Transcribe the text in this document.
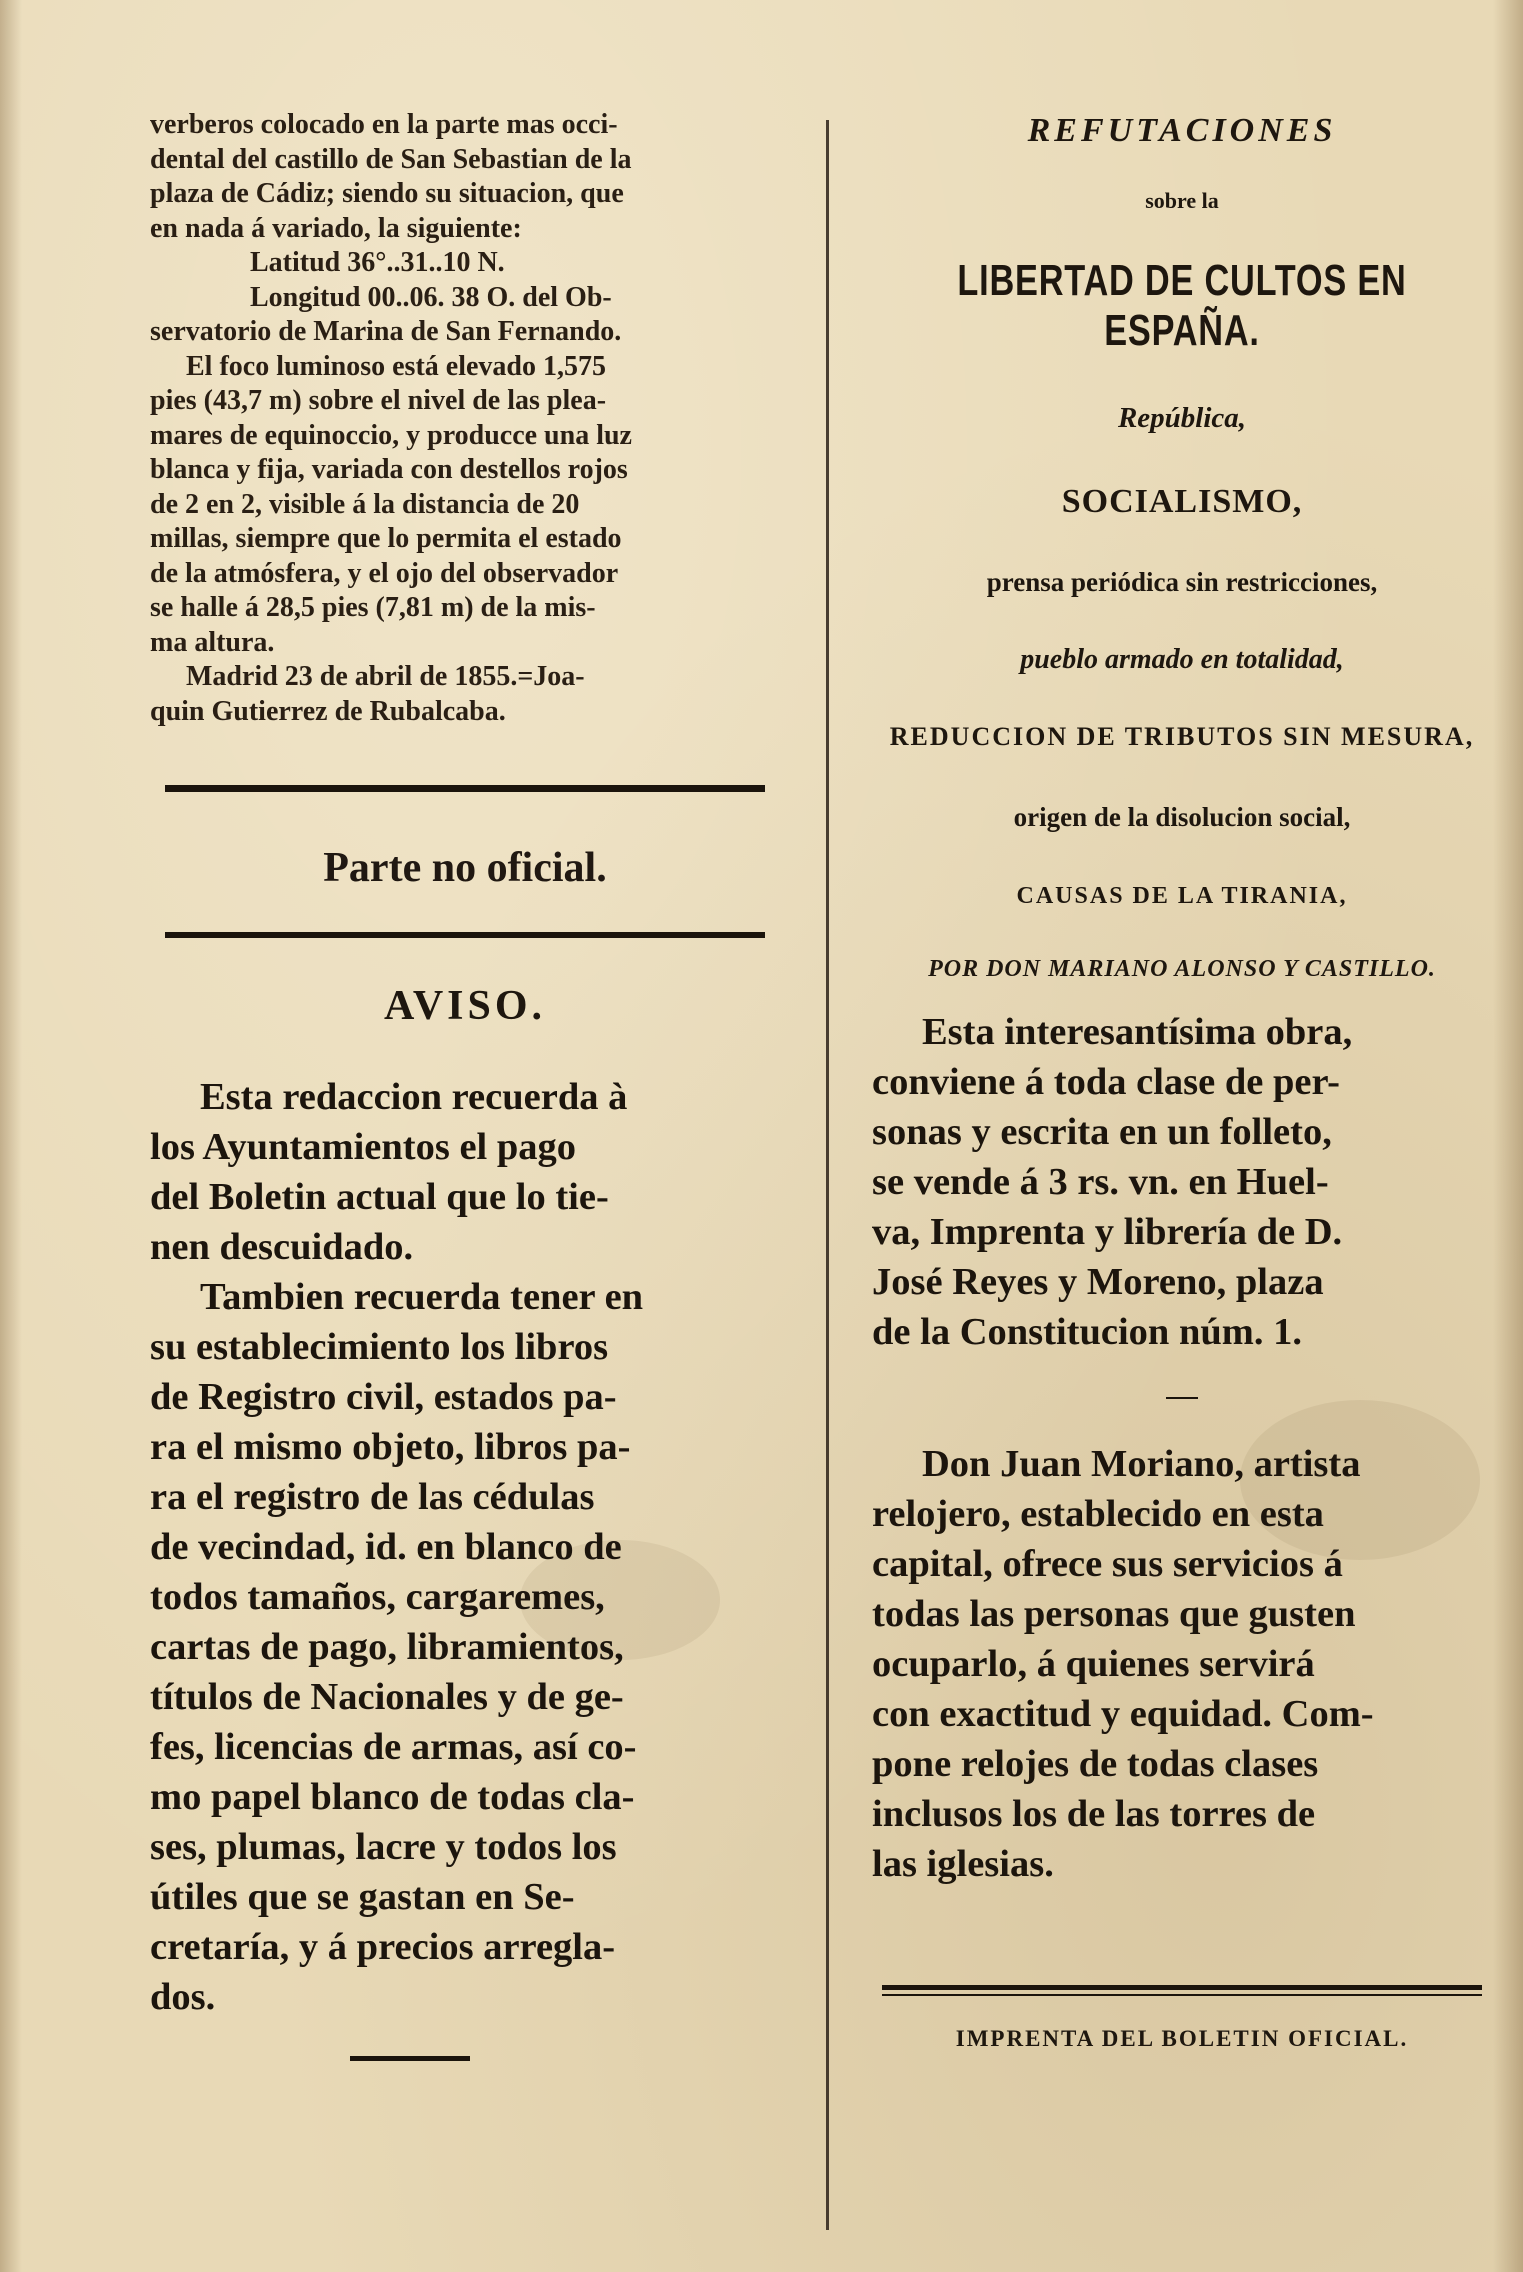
verberos colocado en la parte mas occi-

dental del castillo de San Sebastian de la

plaza de Cádiz; siendo su situacion, que

en nada á variado, la siguiente:

Latitud 36°..31..10 N.

Longitud 00..06. 38 O. del Ob-

servatorio de Marina de San Fernando.

El foco luminoso está elevado 1,575

pies (43,7 m) sobre el nivel de las plea-

mares de equinoccio, y producce una luz

blanca y fija, variada con destellos rojos

de 2 en 2, visible á la distancia de 20

millas, siempre que lo permita el estado

de la atmósfera, y el ojo del observador

se halle á 28,5 pies (7,81 m) de la mis-

ma altura.

Madrid 23 de abril de 1855.=Joa-

quin Gutierrez de Rubalcaba.

Parte no oficial.

AVISO.

Esta redaccion recuerda à

los Ayuntamientos el pago

del Boletin actual que lo tie-

nen descuidado.

Tambien recuerda tener en

su establecimiento los libros

de Registro civil, estados pa-

ra el mismo objeto, libros pa-

ra el registro de las cédulas

de vecindad, id. en blanco de

todos tamaños, cargaremes,

cartas de pago, libramientos,

títulos de Nacionales y de ge-

fes, licencias de armas, así co-

mo papel blanco de todas cla-

ses, plumas, lacre y todos los

útiles que se gastan en Se-

cretaría, y á precios arregla-

dos.

REFUTACIONES

sobre la

LIBERTAD DE CULTOS EN ESPAÑA.

República,

SOCIALISMO,

prensa periódica sin restricciones,

pueblo armado en totalidad,

REDUCCION DE TRIBUTOS SIN MESURA,

origen de la disolucion social,

CAUSAS DE LA TIRANIA,

POR DON MARIANO ALONSO Y CASTILLO.

Esta interesantísima obra,

conviene á toda clase de per-

sonas y escrita en un folleto,

se vende á 3 rs. vn. en Huel-

va, Imprenta y librería de D.

José Reyes y Moreno, plaza

de la Constitucion núm. 1.

Don Juan Moriano, artista

relojero, establecido en esta

capital, ofrece sus servicios á

todas las personas que gusten

ocuparlo, á quienes servirá

con exactitud y equidad. Com-

pone relojes de todas clases

inclusos los de las torres de

las iglesias.

IMPRENTA DEL BOLETIN OFICIAL.
